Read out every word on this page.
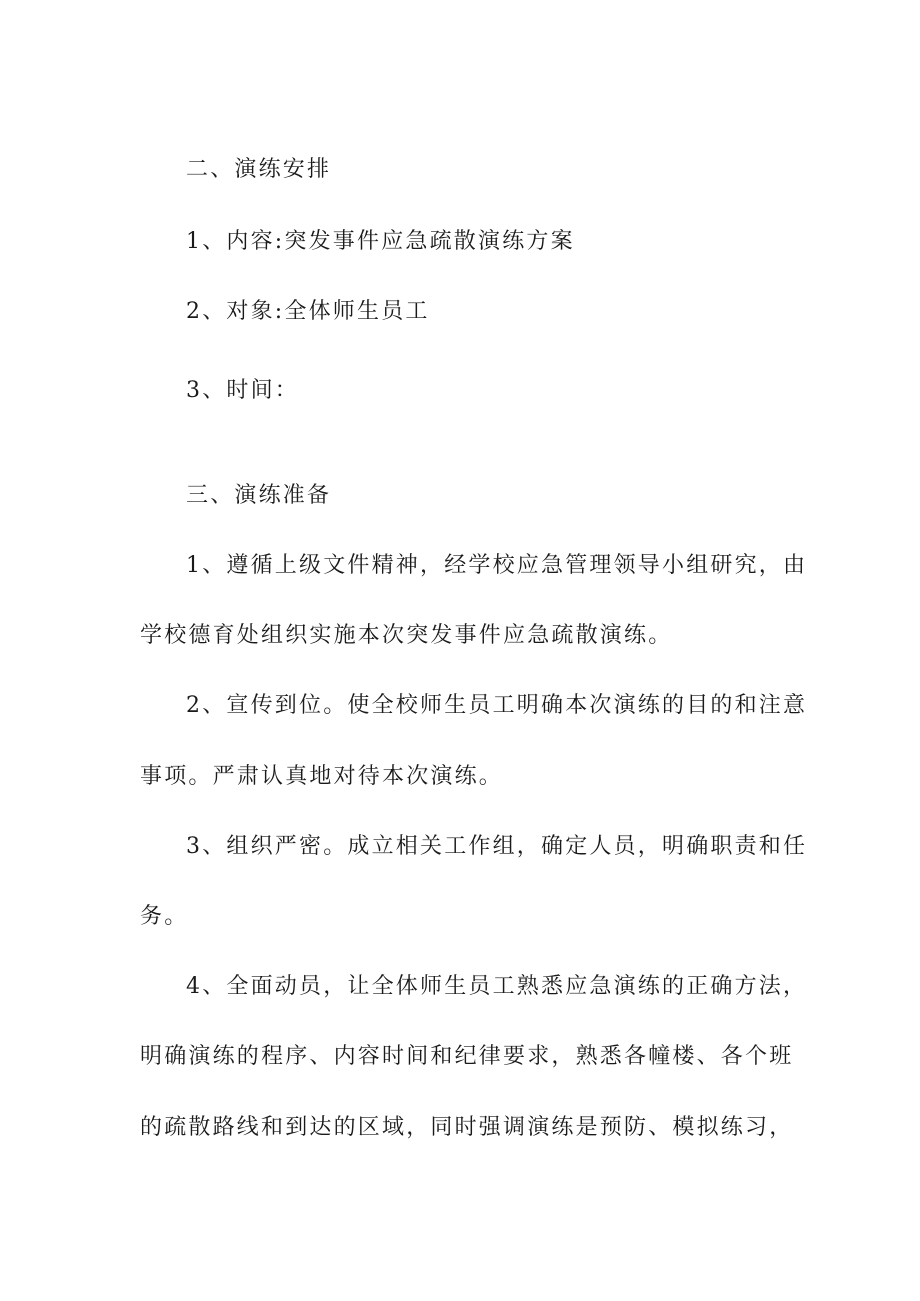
二、演练安排

1、内容:突发事件应急疏散演练方案

2、对象:全体师生员工

3、时间：

三、演练准备

1、遵循上级文件精神，经学校应急管理领导小组研究，由

学校德育处组织实施本次突发事件应急疏散演练。

2、宣传到位。使全校师生员工明确本次演练的目的和注意

事项。严肃认真地对待本次演练。

3、组织严密。成立相关工作组，确定人员，明确职责和任

务。

4、全面动员，让全体师生员工熟悉应急演练的正确方法，

明确演练的程序、内容时间和纪律要求，熟悉各幢楼、各个班

的疏散路线和到达的区域，同时强调演练是预防、模拟练习，
